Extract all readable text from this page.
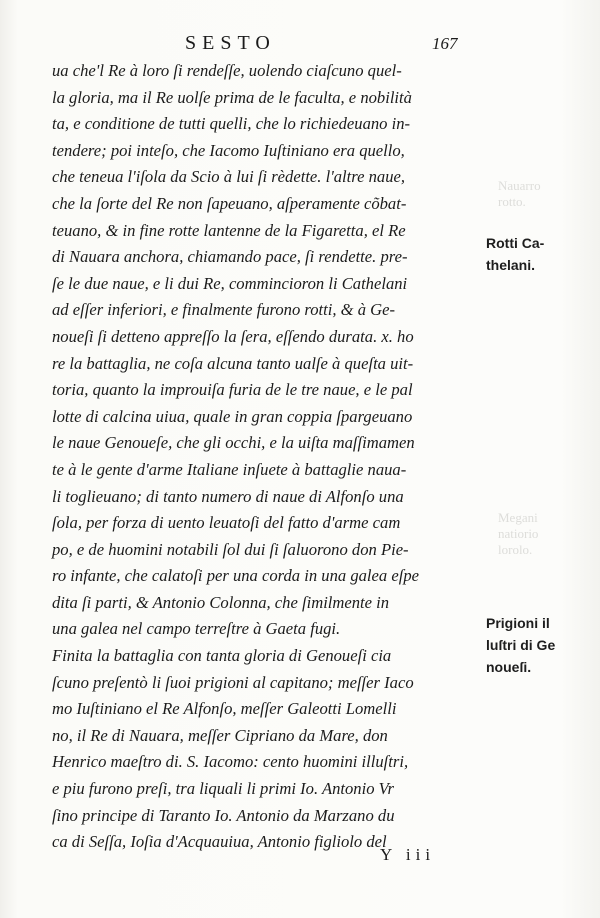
Nauarro
rotto.
Megani
natiorio
lorolo.
SESTO	167
ua che'l Re à loro ſi rendeſſe, uolendo ciaſcuno quel-
la gloria, ma il Re uolſe prima de le faculta, e nobilità
ta, e conditione de tutti quelli, che lo richiedeuano in-
tendere; poi inteſo, che Iacomo Iuſtiniano era quello,
che teneua l'iſola da Scio à lui ſi rèdette. l'altre naue,
che la ſorte del Re non ſapeuano, aſperamente cõbat-
teuano, & in fine rotte lantenne de la Figaretta, el Re
di Nauara anchora, chiamando pace, ſi rendette. pre-
ſe le due naue, e li dui Re, commincioron li Cathelani
ad eſſer inferiori, e finalmente furono rotti, & à Ge-
noueſi ſi detteno appreſſo la ſera, eſſendo durata. x. ho
re la battaglia, ne coſa alcuna tanto ualſe à queſta uit-
toria, quanto la improuiſa furia de le tre naue, e le pal
lotte di calcina uiua, quale in gran coppia ſpargeuano
le naue Genoueſe, che gli occhi, e la uiſta maſſimamen
te à le gente d'arme Italiane inſuete à battaglie naua-
li toglieuano; di tanto numero di naue di Alfonſo una
ſola, per forza di uento leuatoſi del fatto d'arme cam
po, e de huomini notabili ſol dui ſi ſaluorono don Pie-
ro infante, che calatoſi per una corda in una galea eſpe
dita ſi parti, & Antonio Colonna, che ſimilmente in
una galea nel campo terreſtre à Gaeta fugi.
Finita la battaglia con tanta gloria di Genoueſi cia
ſcuno preſentò li ſuoi prigioni al capitano; meſſer Iaco
mo Iuſtiniano el Re Alfonſo, meſſer Galeotti Lomelli
no, il Re di Nauara, meſſer Cipriano da Mare, don
Henrico maeſtro di. S. Iacomo: cento huomini illuſtri,
e piu furono preſi, tra liquali li primi Io. Antonio Vr
ſino principe di Taranto Io. Antonio da Marzano du
ca di Seſſa, Ioſia d'Acquauiua, Antonio figliolo del
Rotti Ca-
thelani.
Prigioni il
luſtri di Ge
noueſi.
Y iii
